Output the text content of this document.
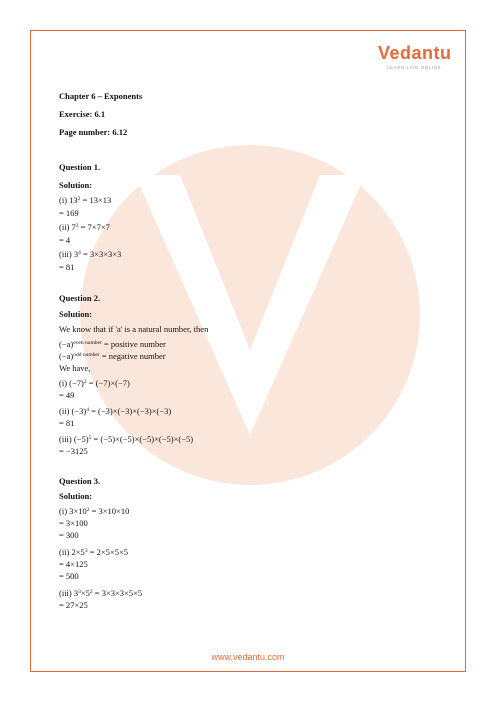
Vedantu
LEARN LIVE ONLINE
Chapter 6 – Exponents
Exercise: 6.1
Page number: 6.12
Question 1.
Solution:
(i) $13^2 = 13\times 13$
= 169
(ii) $7^3 = 7\times 7\times 7$
= 4
(iii) $3^4 = 3\times 3\times 3\times 3$
= 81
Question 2.
Solution:
We know that if 'a' is a natural number, then
$(-a)^{even number}$ = positive number
$(-a)^{odd number}$ = negative number
We have,
(i) $(-7)^2 = (-7)\times(-7)$
= 49
(ii) $(-3)^4 = (-3)\times(-3)\times(-3)\times(-3)$
= 81
(iii) $(-5)^5 = (-5)\times(-5)\times(-5)\times(-5)\times(-5)$
= −3125
Question 3.
Solution:
(i) $3\times 10^2 = 3\times 10\times 10$
= 3×100
= 300
(ii) $2\times 5^3 = 2\times 5\times 5\times 5$
= 4×125
= 500
(iii) $3^3\times 5^2 = 3\times 3\times 3\times 5\times 5$
= 27×25
www.vedantu.com
